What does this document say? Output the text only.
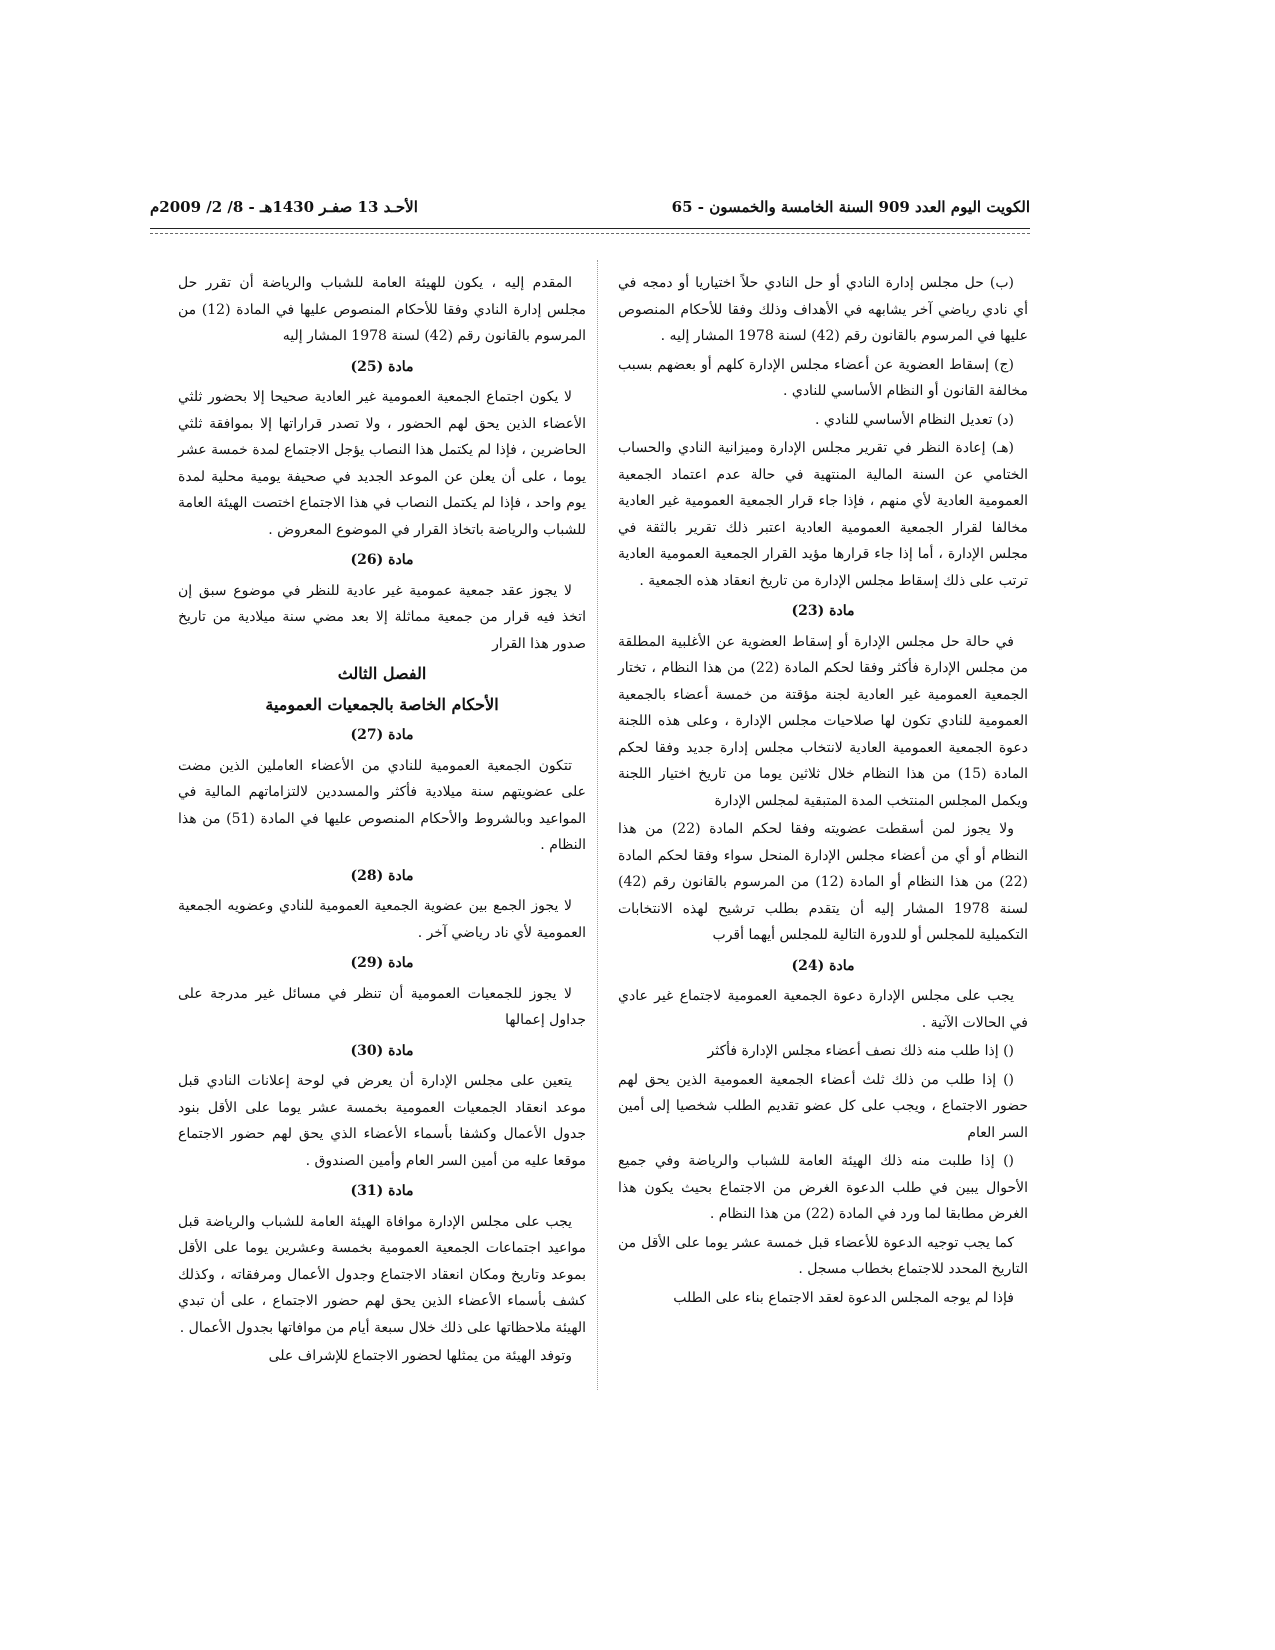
الكويت اليوم العدد 909 السنة الخامسة والخمسون - 65
الأحـد 13 صفـر 1430هـ - 8/ 2/ 2009م

(ب) حل مجلس إدارة النادي أو حل النادي حلاً اختياريا أو دمجه في أي نادي رياضي آخر يشابهه في الأهداف وذلك وفقا للأحكام المنصوص عليها في المرسوم بالقانون رقم (42) لسنة 1978 المشار إليه .

(ج) إسقاط العضوية عن أعضاء مجلس الإدارة كلهم أو بعضهم بسبب مخالفة القانون أو النظام الأساسي للنادي .

(د) تعديل النظام الأساسي للنادي .

(هـ) إعادة النظر في تقرير مجلس الإدارة وميزانية النادي والحساب الختامي عن السنة المالية المنتهية في حالة عدم اعتماد الجمعية العمومية العادية لأي منهم ، فإذا جاء قرار الجمعية العمومية غير العادية مخالفا لقرار الجمعية العمومية العادية اعتبر ذلك تقرير بالثقة في مجلس الإدارة ، أما إذا جاء قرارها مؤيد القرار الجمعية العمومية العادية ترتب على ذلك إسقاط مجلس الإدارة من تاريخ انعقاد هذه الجمعية .

مادة (23)

في حالة حل مجلس الإدارة أو إسقاط العضوية عن الأغلبية المطلقة من مجلس الإدارة فأكثر وفقا لحكم المادة (22) من هذا النظام ، تختار الجمعية العمومية غير العادية لجنة مؤقتة من خمسة أعضاء بالجمعية العمومية للنادي تكون لها صلاحيات مجلس الإدارة ، وعلى هذه اللجنة دعوة الجمعية العمومية العادية لانتخاب مجلس إدارة جديد وفقا لحكم المادة (15) من هذا النظام خلال ثلاثين يوما من تاريخ اختيار اللجنة ويكمل المجلس المنتخب المدة المتبقية لمجلس الإدارة

ولا يجوز لمن أسقطت عضويته وفقا لحكم المادة (22) من هذا النظام أو أي من أعضاء مجلس الإدارة المنحل سواء وفقا لحكم المادة (22) من هذا النظام أو المادة (12) من المرسوم بالقانون رقم (42) لسنة 1978 المشار إليه أن يتقدم بطلب ترشيح لهذه الانتخابات التكميلية للمجلس أو للدورة التالية للمجلس أيهما أقرب

مادة (24)

يجب على مجلس الإدارة دعوة الجمعية العمومية لاجتماع غير عادي في الحالات الآتية .

() إذا طلب منه ذلك نصف أعضاء مجلس الإدارة فأكثر

() إذا طلب من ذلك ثلث أعضاء الجمعية العمومية الذين يحق لهم حضور الاجتماع ، ويجب على كل عضو تقديم الطلب شخصيا إلى أمين السر العام

() إذا طلبت منه ذلك الهيئة العامة للشباب والرياضة وفي جميع الأحوال يبين في طلب الدعوة الغرض من الاجتماع بحيث يكون هذا الغرض مطابقا لما ورد في المادة (22) من هذا النظام .

كما يجب توجيه الدعوة للأعضاء قبل خمسة عشر يوما على الأقل من التاريخ المحدد للاجتماع بخطاب مسجل .

فإذا لم يوجه المجلس الدعوة لعقد الاجتماع بناء على الطلب

المقدم إليه ، يكون للهيئة العامة للشباب والرياضة أن تقرر حل مجلس إدارة النادي وفقا للأحكام المنصوص عليها في المادة (12) من المرسوم بالقانون رقم (42) لسنة 1978 المشار إليه

مادة (25)

لا يكون اجتماع الجمعية العمومية غير العادية صحيحا إلا بحضور ثلثي الأعضاء الذين يحق لهم الحضور ، ولا تصدر قراراتها إلا بموافقة ثلثي الحاضرين ، فإذا لم يكتمل هذا النصاب يؤجل الاجتماع لمدة خمسة عشر يوما ، على أن يعلن عن الموعد الجديد في صحيفة يومية محلية لمدة يوم واحد ، فإذا لم يكتمل النصاب في هذا الاجتماع اختصت الهيئة العامة للشباب والرياضة باتخاذ القرار في الموضوع المعروض .

مادة (26)

لا يجوز عقد جمعية عمومية غير عادية للنظر في موضوع سبق إن اتخذ فيه قرار من جمعية مماثلة إلا بعد مضي سنة ميلادية من تاريخ صدور هذا القرار

الفصل الثالث
الأحكام الخاصة بالجمعيات العمومية
مادة (27)

تتكون الجمعية العمومية للنادي من الأعضاء العاملين الذين مضت على عضويتهم سنة ميلادية فأكثر والمسددين لالتزاماتهم المالية في المواعيد وبالشروط والأحكام المنصوص عليها في المادة (51) من هذا النظام .

مادة (28)

لا يجوز الجمع بين عضوية الجمعية العمومية للنادي وعضويه الجمعية العمومية لأي ناد رياضي آخر .

مادة (29)

لا يجوز للجمعيات العمومية أن تنظر في مسائل غير مدرجة على جداول إعمالها

مادة (30)

يتعين على مجلس الإدارة أن يعرض في لوحة إعلانات النادي قبل موعد انعقاد الجمعيات العمومية بخمسة عشر يوما على الأقل بنود جدول الأعمال وكشفا بأسماء الأعضاء الذي يحق لهم حضور الاجتماع موقعا عليه من أمين السر العام وأمين الصندوق .

مادة (31)

يجب على مجلس الإدارة موافاة الهيئة العامة للشباب والرياضة قبل مواعيد اجتماعات الجمعية العمومية بخمسة وعشرين يوما على الأقل بموعد وتاريخ ومكان انعقاد الاجتماع وجدول الأعمال ومرفقاته ، وكذلك كشف بأسماء الأعضاء الذين يحق لهم حضور الاجتماع ، على أن تبدي الهيئة ملاحظاتها على ذلك خلال سبعة أيام من موافاتها بجدول الأعمال .

وتوفد الهيئة من يمثلها لحضور الاجتماع للإشراف على
